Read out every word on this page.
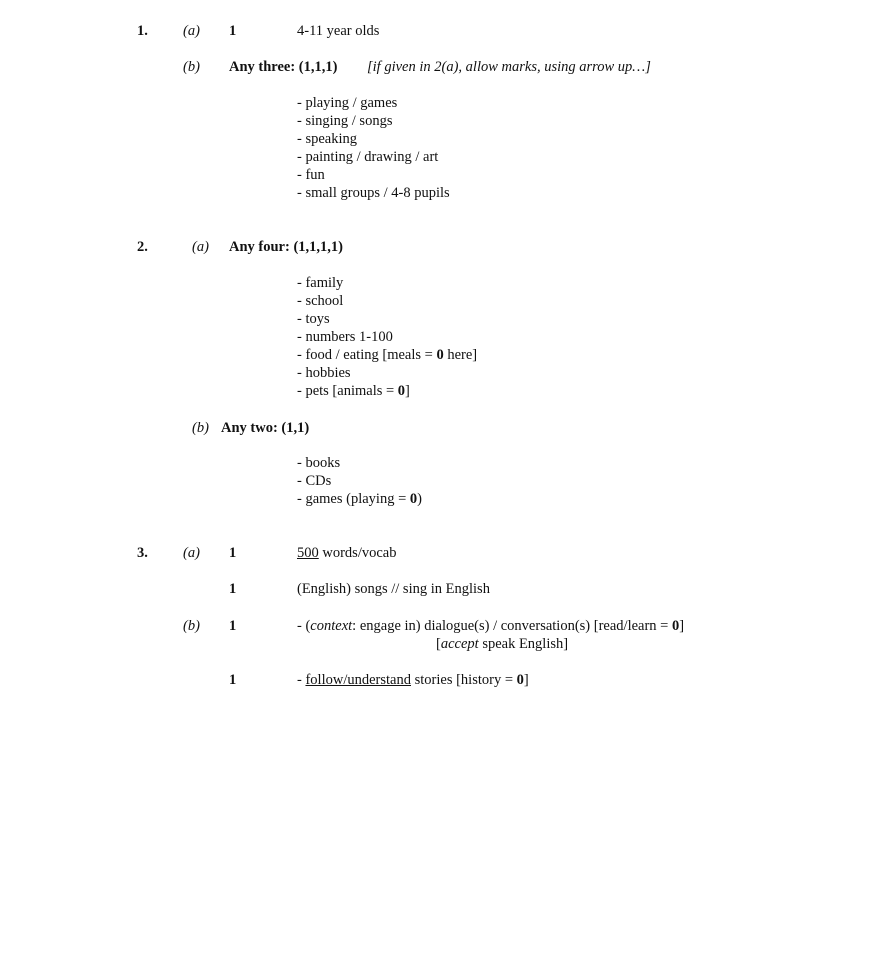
1. (a) 1	4-11 year olds
(b) Any three: (1,1,1) [if given in 2(a), allow marks, using arrow up…]
- playing / games
- singing / songs
- speaking
- painting / drawing / art
- fun
- small groups / 4-8 pupils
2.	(a) Any four: (1,1,1,1)
- family
- school
- toys
- numbers 1-100
- food / eating [meals = 0 here]
- hobbies
- pets [animals = 0]
(b) Any two: (1,1)
- books
- CDs
- games (playing = 0)
3. (a) 1	500 words/vocab
1	(English) songs // sing in English
(b) 1	- (context: engage in) dialogue(s) / conversation(s) [read/learn = 0]
[accept speak English]
1	- follow/understand stories [history = 0]
